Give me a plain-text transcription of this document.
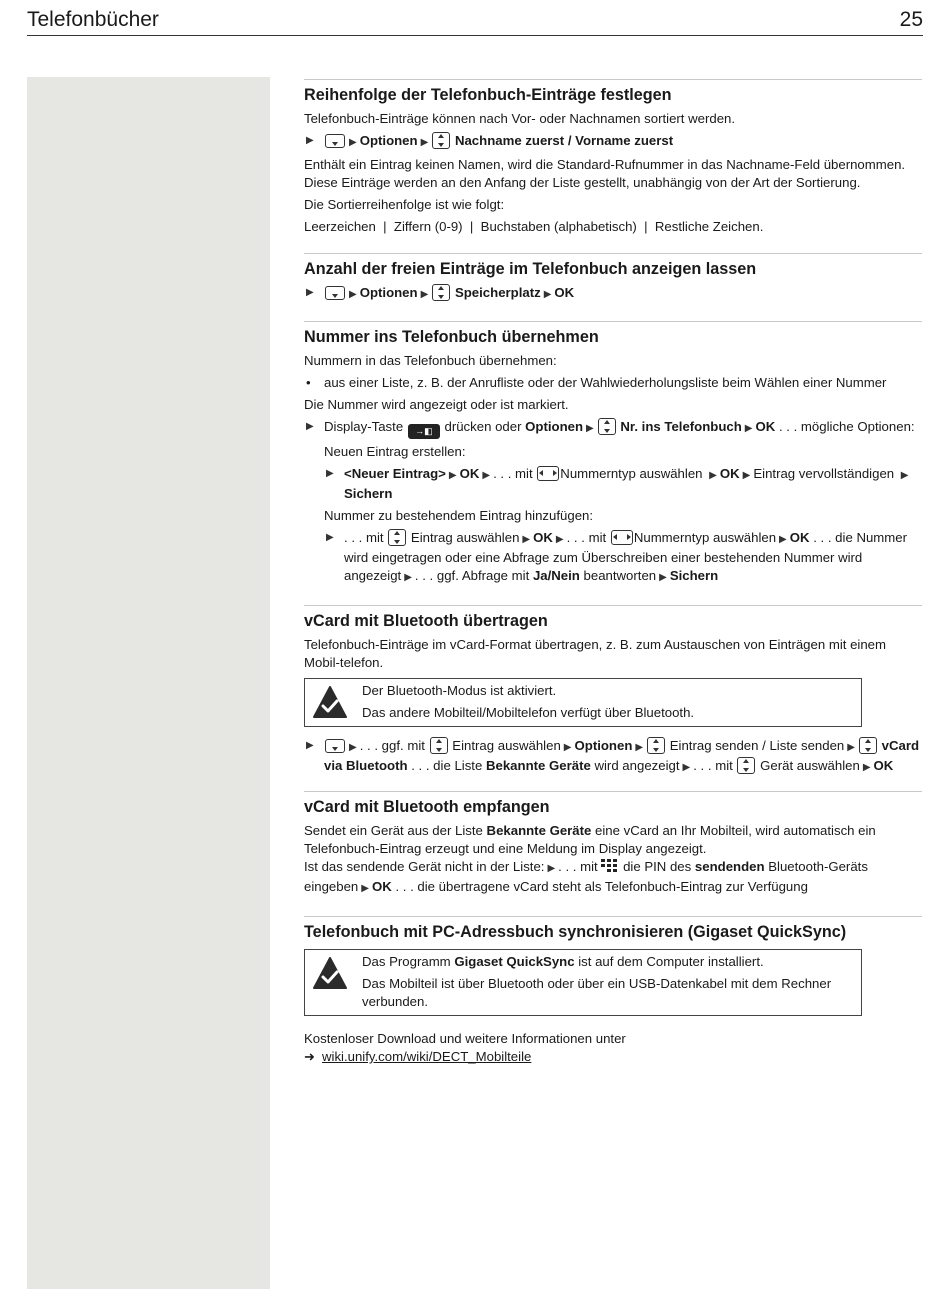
Telefonbücher	25
Reihenfolge der Telefonbuch-Einträge festlegen

Telefonbuch-Einträge können nach Vor- oder Nachnamen sortiert werden.

▶	▶ Optionen ▶ Nachname zuerst / Vorname zuerst

Enthält ein Eintrag keinen Namen, wird die Standard-Rufnummer in das Nachname-Feld übernommen. Diese Einträge werden an den Anfang der Liste gestellt, unabhängig von der Art der Sortierung.

Die Sortierreihenfolge ist wie folgt:

Leerzeichen  |  Ziffern (0-9)  |  Buchstaben (alphabetisch)  |  Restliche Zeichen.

Anzahl der freien Einträge im Telefonbuch anzeigen lassen
▶	▶ Optionen ▶ Speicherplatz ▶ OK
Nummer ins Telefonbuch übernehmen

Nummern in das Telefonbuch übernehmen:

• aus einer Liste, z. B. der Anrufliste oder der Wahlwiederholungsliste beim Wählen einer Nummer

Die Nummer wird angezeigt oder ist markiert.

▶ Display-Taste →◧ drücken oder Optionen ▶ Nr. ins Telefonbuch ▶ OK . . . mögliche Optionen:
Neuen Eintrag erstellen:
▶ <Neuer Eintrag> ▶ OK ▶ . . . mit Nummerntyp auswählen ▶ OK ▶ Eintrag vervollständigen ▶
Sichern
Nummer zu bestehendem Eintrag hinzufügen:
▶ . . . mit Eintrag auswählen ▶ OK ▶ . . . mit Nummerntyp auswählen ▶ OK . . . die Nummer wird eingetragen oder eine Abfrage zum Überschreiben einer bestehenden Nummer wird angezeigt ▶ . . . ggf. Abfrage mit Ja/Nein beantworten ▶ Sichern
vCard mit Bluetooth übertragen

Telefonbuch-Einträge im vCard-Format übertragen, z. B. zum Austauschen von Einträgen mit einem Mobil-telefon.

Der Bluetooth-Modus ist aktiviert.

Das andere Mobilteil/Mobiltelefon verfügt über Bluetooth.

▶	▶ . . . ggf. mit Eintrag auswählen ▶ Optionen ▶ Eintrag senden / Liste senden ▶ vCard via Bluetooth . . . die Liste Bekannte Geräte wird angezeigt ▶ . . . mit Gerät auswählen ▶ OK
vCard mit Bluetooth empfangen

Sendet ein Gerät aus der Liste Bekannte Geräte eine vCard an Ihr Mobilteil, wird automatisch ein Telefonbuch-Eintrag erzeugt und eine Meldung im Display angezeigt.

Ist das sendende Gerät nicht in der Liste: ▶ . . . mit die PIN des sendenden Bluetooth-Geräts eingeben ▶ OK . . . die übertragene vCard steht als Telefonbuch-Eintrag zur Verfügung

Telefonbuch mit PC-Adressbuch synchronisieren (Gigaset QuickSync)

Das Programm Gigaset QuickSync ist auf dem Computer installiert.

Das Mobilteil ist über Bluetooth oder über ein USB-Datenkabel mit dem Rechner verbunden.

Kostenloser Download und weitere Informationen unter

➜ wiki.unify.com/wiki/DECT_Mobilteile
